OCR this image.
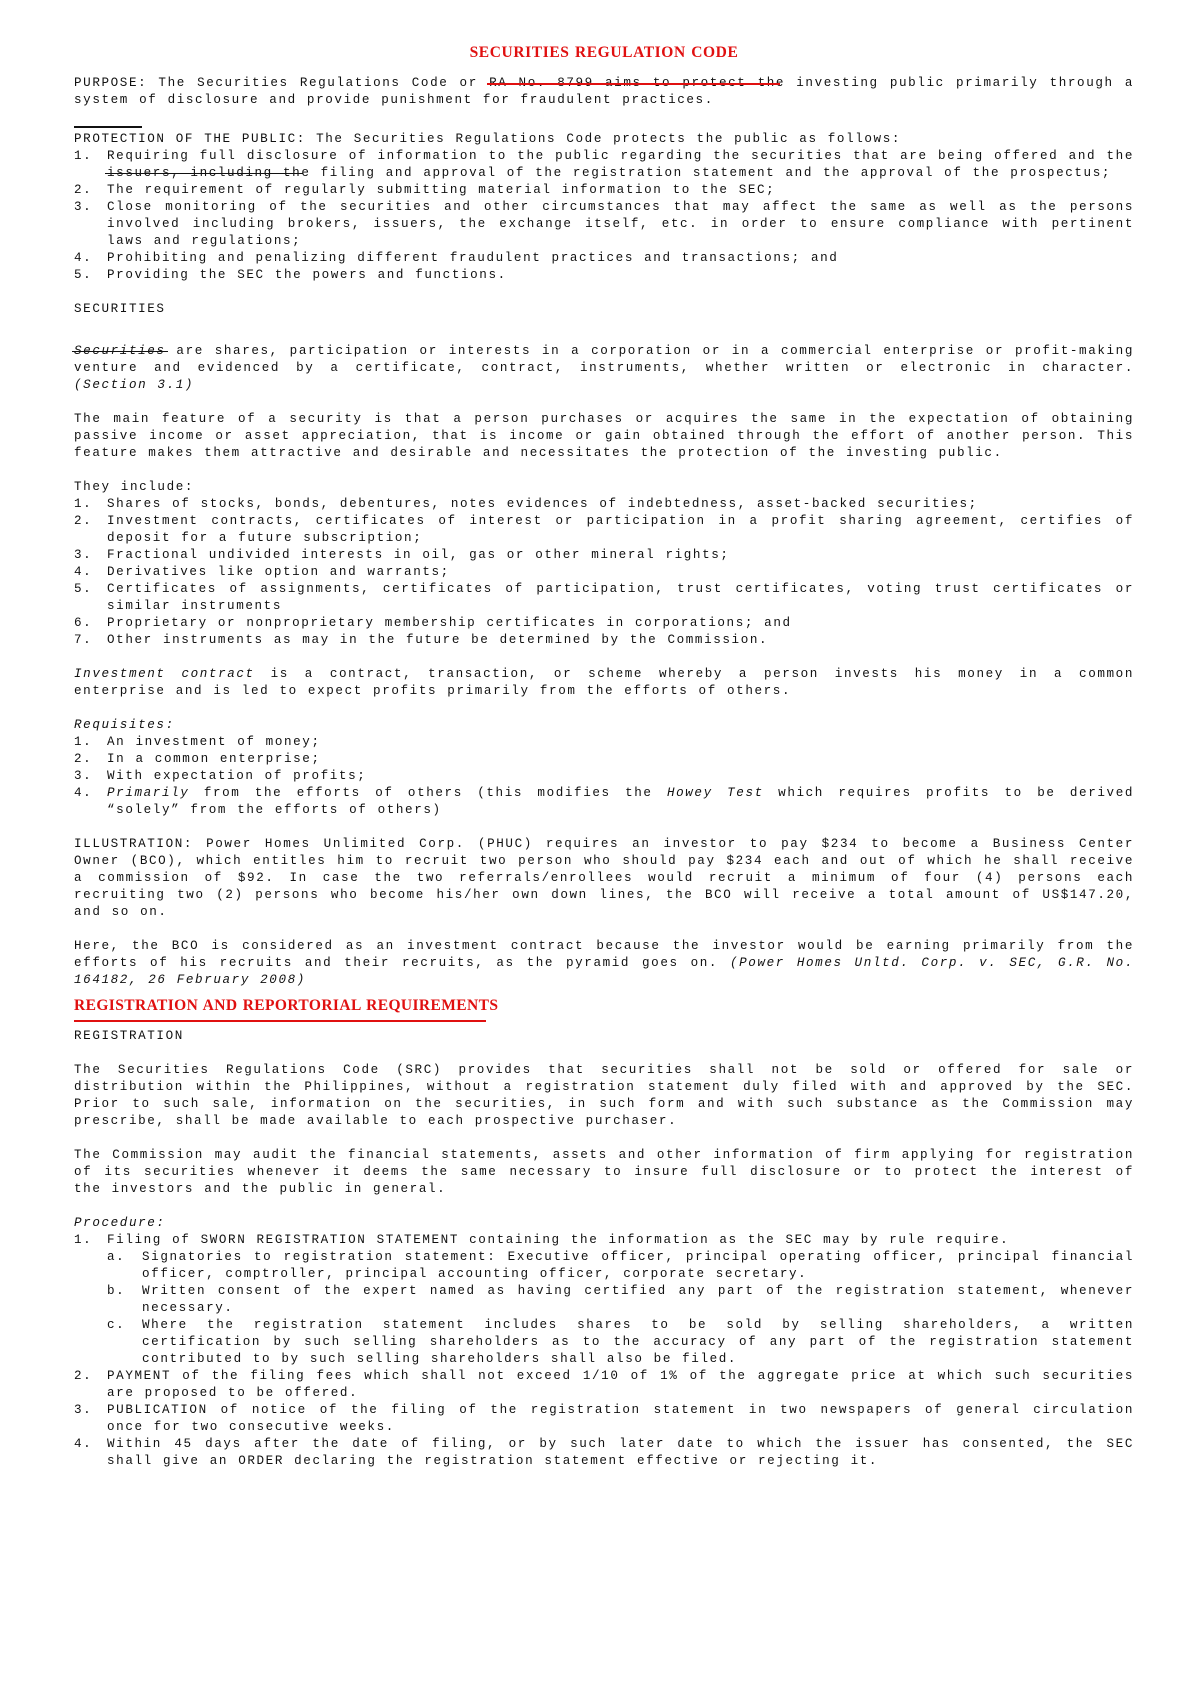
SECURITIES REGULATION CODE

PURPOSE: The Securities Regulations Code or RA No. 8799 aims to protect the investing public primarily through a system of disclosure and provide punishment for fraudulent practices.

PROTECTION OF THE PUBLIC: The Securities Regulations Code protects the public as follows:

1. Requiring full disclosure of information to the public regarding the securities that are being offered and the issuers, including the filing and approval of the registration statement and the approval of the prospectus;
2. The requirement of regularly submitting material information to the SEC;
3. Close monitoring of the securities and other circumstances that may affect the same as well as the persons involved including brokers, issuers, the exchange itself, etc. in order to ensure compliance with pertinent laws and regulations;
4. Prohibiting and penalizing different fraudulent practices and transactions; and
5. Providing the SEC the powers and functions.

SECURITIES

Securities are shares, participation or interests in a corporation or in a commercial enterprise or profit-making venture and evidenced by a certificate, contract, instruments, whether written or electronic in character. (Section 3.1)

The main feature of a security is that a person purchases or acquires the same in the expectation of obtaining passive income or asset appreciation, that is income or gain obtained through the effort of another person. This feature makes them attractive and desirable and necessitates the protection of the investing public.

They include:

1. Shares of stocks, bonds, debentures, notes evidences of indebtedness, asset-backed securities;
2. Investment contracts, certificates of interest or participation in a profit sharing agreement, certifies of deposit for a future subscription;
3. Fractional undivided interests in oil, gas or other mineral rights;
4. Derivatives like option and warrants;
5. Certificates of assignments, certificates of participation, trust certificates, voting trust certificates or similar instruments
6. Proprietary or nonproprietary membership certificates in corporations; and
7. Other instruments as may in the future be determined by the Commission.

Investment contract is a contract, transaction, or scheme whereby a person invests his money in a common enterprise and is led to expect profits primarily from the efforts of others.

Requisites:

1. An investment of money;
2. In a common enterprise;
3. With expectation of profits;
4. Primarily from the efforts of others (this modifies the Howey Test which requires profits to be derived “solely” from the efforts of others)

ILLUSTRATION: Power Homes Unlimited Corp. (PHUC) requires an investor to pay $234 to become a Business Center Owner (BCO), which entitles him to recruit two person who should pay $234 each and out of which he shall receive a commission of $92. In case the two referrals/enrollees would recruit a minimum of four (4) persons each recruiting two (2) persons who become his/her own down lines, the BCO will receive a total amount of US$147.20, and so on.

Here, the BCO is considered as an investment contract because the investor would be earning primarily from the efforts of his recruits and their recruits, as the pyramid goes on. (Power Homes Unltd. Corp. v. SEC, G.R. No. 164182, 26 February 2008)

REGISTRATION AND REPORTORIAL REQUIREMENTS

REGISTRATION

The Securities Regulations Code (SRC) provides that securities shall not be sold or offered for sale or distribution within the Philippines, without a registration statement duly filed with and approved by the SEC. Prior to such sale, information on the securities, in such form and with such substance as the Commission may prescribe, shall be made available to each prospective purchaser.

The Commission may audit the financial statements, assets and other information of firm applying for registration of its securities whenever it deems the same necessary to insure full disclosure or to protect the interest of the investors and the public in general.

Procedure:

1. Filing of SWORN REGISTRATION STATEMENT containing the information as the SEC may by rule require.
a. Signatories to registration statement: Executive officer, principal operating officer, principal financial officer, comptroller, principal accounting officer, corporate secretary.
b. Written consent of the expert named as having certified any part of the registration statement, whenever necessary.
c. Where the registration statement includes shares to be sold by selling shareholders, a written certification by such selling shareholders as to the accuracy of any part of the registration statement contributed to by such selling shareholders shall also be filed.
2. PAYMENT of the filing fees which shall not exceed 1/10 of 1% of the aggregate price at which such securities are proposed to be offered.
3. PUBLICATION of notice of the filing of the registration statement in two newspapers of general circulation once for two consecutive weeks.
4. Within 45 days after the date of filing, or by such later date to which the issuer has consented, the SEC shall give an ORDER declaring the registration statement effective or rejecting it.
